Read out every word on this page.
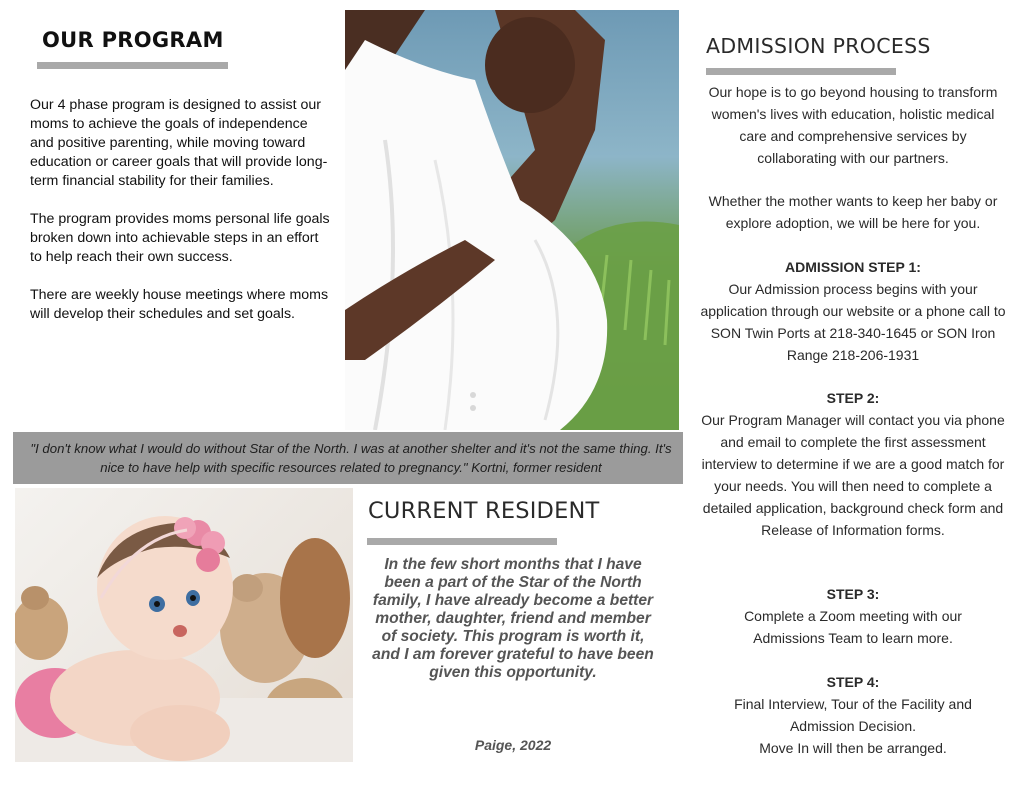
OUR PROGRAM

Our 4 phase program is designed to assist our moms to achieve the goals of independence and positive parenting, while moving toward education or career goals that will provide long-term financial stability for their families.

The program provides moms personal life goals broken down into achievable steps in an effort to help reach their own success.

There are weekly house meetings where moms will develop their schedules and set goals.

"I don't know what I would do without Star of the North. I was at another shelter and it's not the same thing. It's nice to have help with specific resources related to pregnancy." Kortni, former resident
CURRENT RESIDENT
In the few short months that I have been a part of the Star of the North family, I have already become a better mother, daughter, friend and member of society. This program is worth it, and I am forever grateful to have been given this opportunity.
Paige, 2022
ADMISSION PROCESS

Our hope is to go beyond housing to transform women's lives with education, holistic medical care and comprehensive services by collaborating with our partners.

Whether the mother wants to keep her baby or explore adoption, we will be here for you.

ADMISSION STEP 1:

Our Admission process begins with your application through our website or a phone call to SON Twin Ports at 218-340-1645 or SON Iron Range 218-206-1931

STEP 2:

Our Program Manager will contact you via phone and email to complete the first assessment interview to determine if we are a good match for your needs. You will then need to complete a detailed application, background check form and Release of Information forms.

STEP 3:

Complete a Zoom meeting with our Admissions Team to learn more.

STEP 4:

Final Interview, Tour of the Facility and Admission Decision.

Move In will then be arranged.
